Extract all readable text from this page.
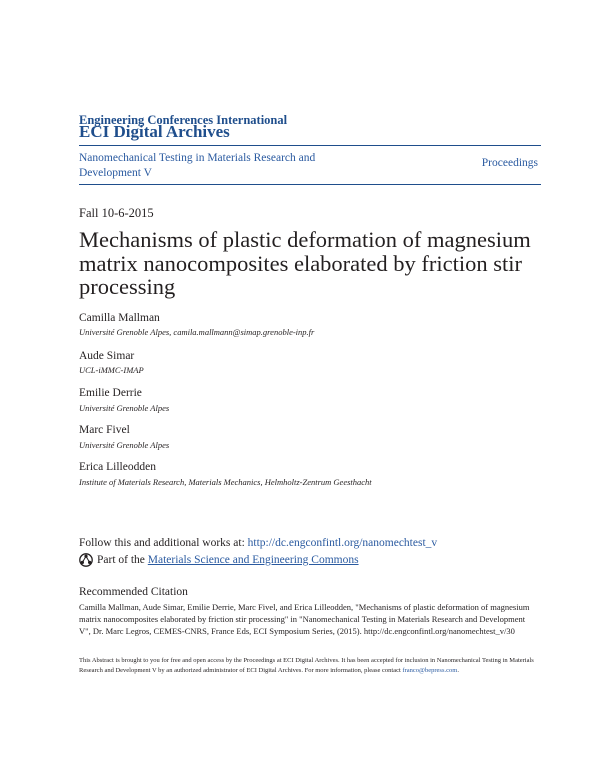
Engineering Conferences International
ECI Digital Archives
Nanomechanical Testing in Materials Research and Development V
Proceedings
Fall 10-6-2015
Mechanisms of plastic deformation of magnesium matrix nanocomposites elaborated by friction stir processing
Camilla Mallman
Université Grenoble Alpes, camila.mallmann@simap.grenoble-inp.fr
Aude Simar
UCL-iMMC-IMAP
Emilie Derrie
Université Grenoble Alpes
Marc Fivel
Université Grenoble Alpes
Erica Lilleodden
Institute of Materials Research, Materials Mechanics, Helmholtz-Zentrum Geesthacht
Follow this and additional works at: http://dc.engconfintl.org/nanomechtest_v
Part of the
Materials Science and Engineering Commons
Recommended Citation
Camilla Mallman, Aude Simar, Emilie Derrie, Marc Fivel, and Erica Lilleodden, "Mechanisms of plastic deformation of magnesium matrix nanocomposites elaborated by friction stir processing" in "Nanomechanical Testing in Materials Research and Development V", Dr. Marc Legros, CEMES-CNRS, France Eds, ECI Symposium Series, (2015). http://dc.engconfintl.org/nanomechtest_v/30
This Abstract is brought to you for free and open access by the Proceedings at ECI Digital Archives. It has been accepted for inclusion in Nanomechanical Testing in Materials Research and Development V by an authorized administrator of ECI Digital Archives. For more information, please contact franco@bepress.com.
